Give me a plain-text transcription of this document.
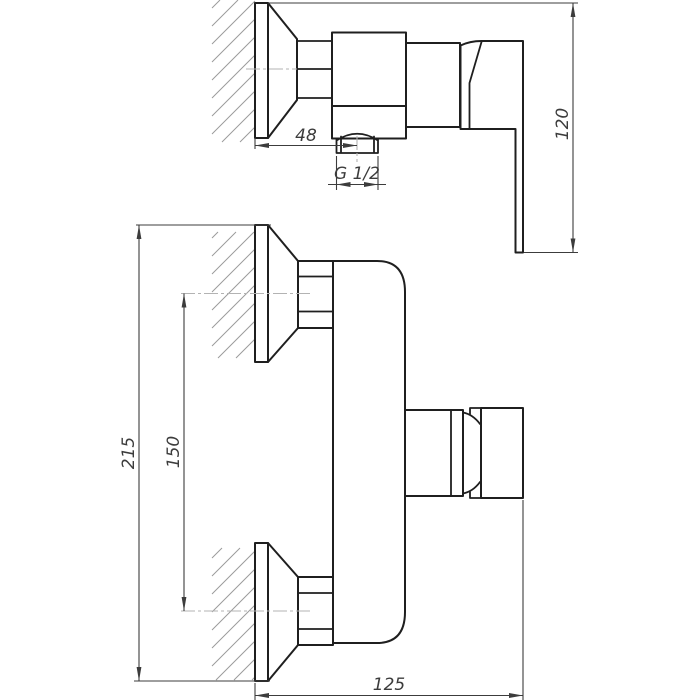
48
G 1/2
120
215 150
125
